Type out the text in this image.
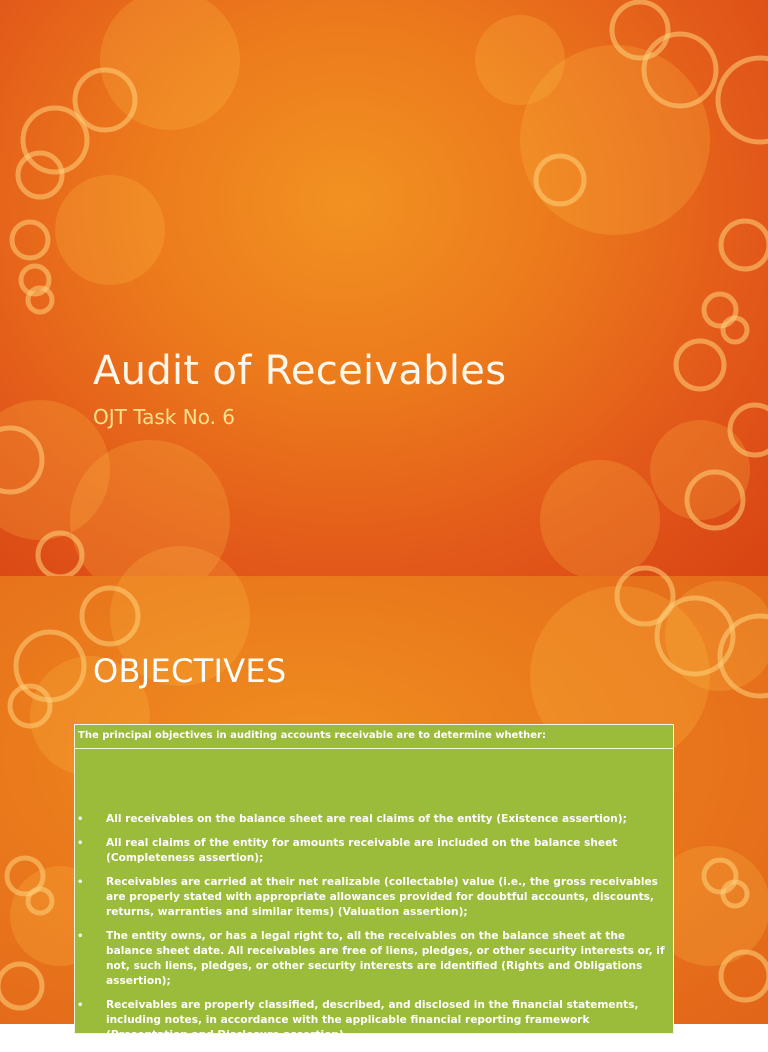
Audit of Receivables
OJT Task No. 6
OBJECTIVES
The principal objectives in auditing accounts receivable are to determine whether:
• All receivables on the balance sheet are real claims of the entity (Existence assertion);
• All real claims of the entity for amounts receivable are included on the balance sheet (Completeness assertion);
• Receivables are carried at their net realizable (collectable) value (i.e., the gross receivables are properly stated with appropriate allowances provided for doubtful accounts, discounts, returns, warranties and similar items) (Valuation assertion);
• The entity owns, or has a legal right to, all the receivables on the balance sheet at the balance sheet date. All receivables are free of liens, pledges, or other security interests or, if not, such liens, pledges, or other security interests are identified (Rights and Obligations assertion);
• Receivables are properly classified, described, and disclosed in the financial statements, including notes, in accordance with the applicable financial reporting framework (Presentation and Disclosure assertion).
